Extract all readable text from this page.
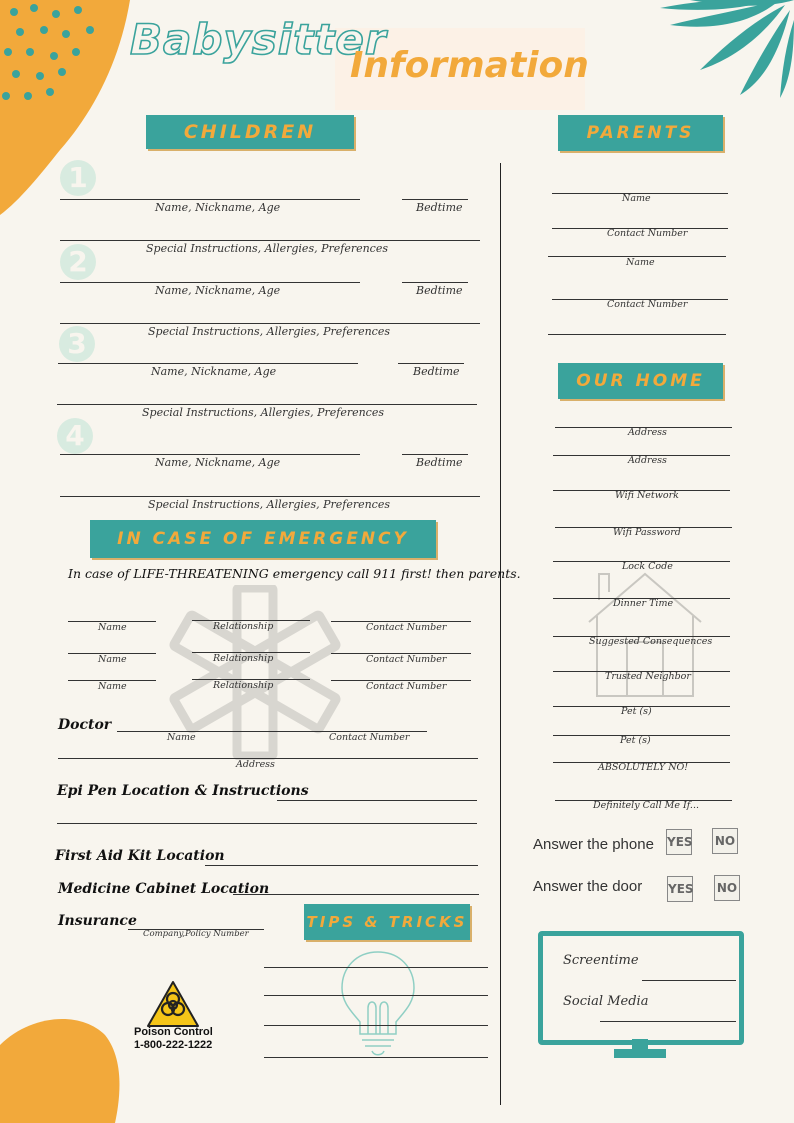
Babysitter
Information
CHILDREN
1
Name, Nickname, Age	Bedtime
Special Instructions, Allergies, Preferences
2
Name, Nickname, Age	Bedtime
Special Instructions, Allergies, Preferences
3
Name, Nickname, Age	Bedtime
Special Instructions, Allergies, Preferences
4
Name, Nickname, Age	Bedtime
Special Instructions, Allergies, Preferences
IN CASE OF EMERGENCY
In case of LIFE-THREATENING emergency call 911 first! then parents.
Name	Relationship	Contact Number
Name	Relationship	Contact Number
Name	Relationship	Contact Number
Doctor
Name	Contact Number
Address
Epi Pen Location & Instructions
First Aid Kit Location
Medicine Cabinet Location
Insurance
Company,Policy Number
TIPS & TRICKS
Poison Control
1-800-222-1222
PARENTS
Name
Contact Number
Name
Contact Number
OUR HOME
Address
Address
Wifi Network
Wifi Password
Lock Code
Dinner Time
Suggested Consequences
Trusted Neighbor
Pet (s)
Pet (s)
ABSOLUTELY NO!
Definitely Call Me If...
Answer the phone YES NO
Answer the door YES NO
Screentime
Social Media
